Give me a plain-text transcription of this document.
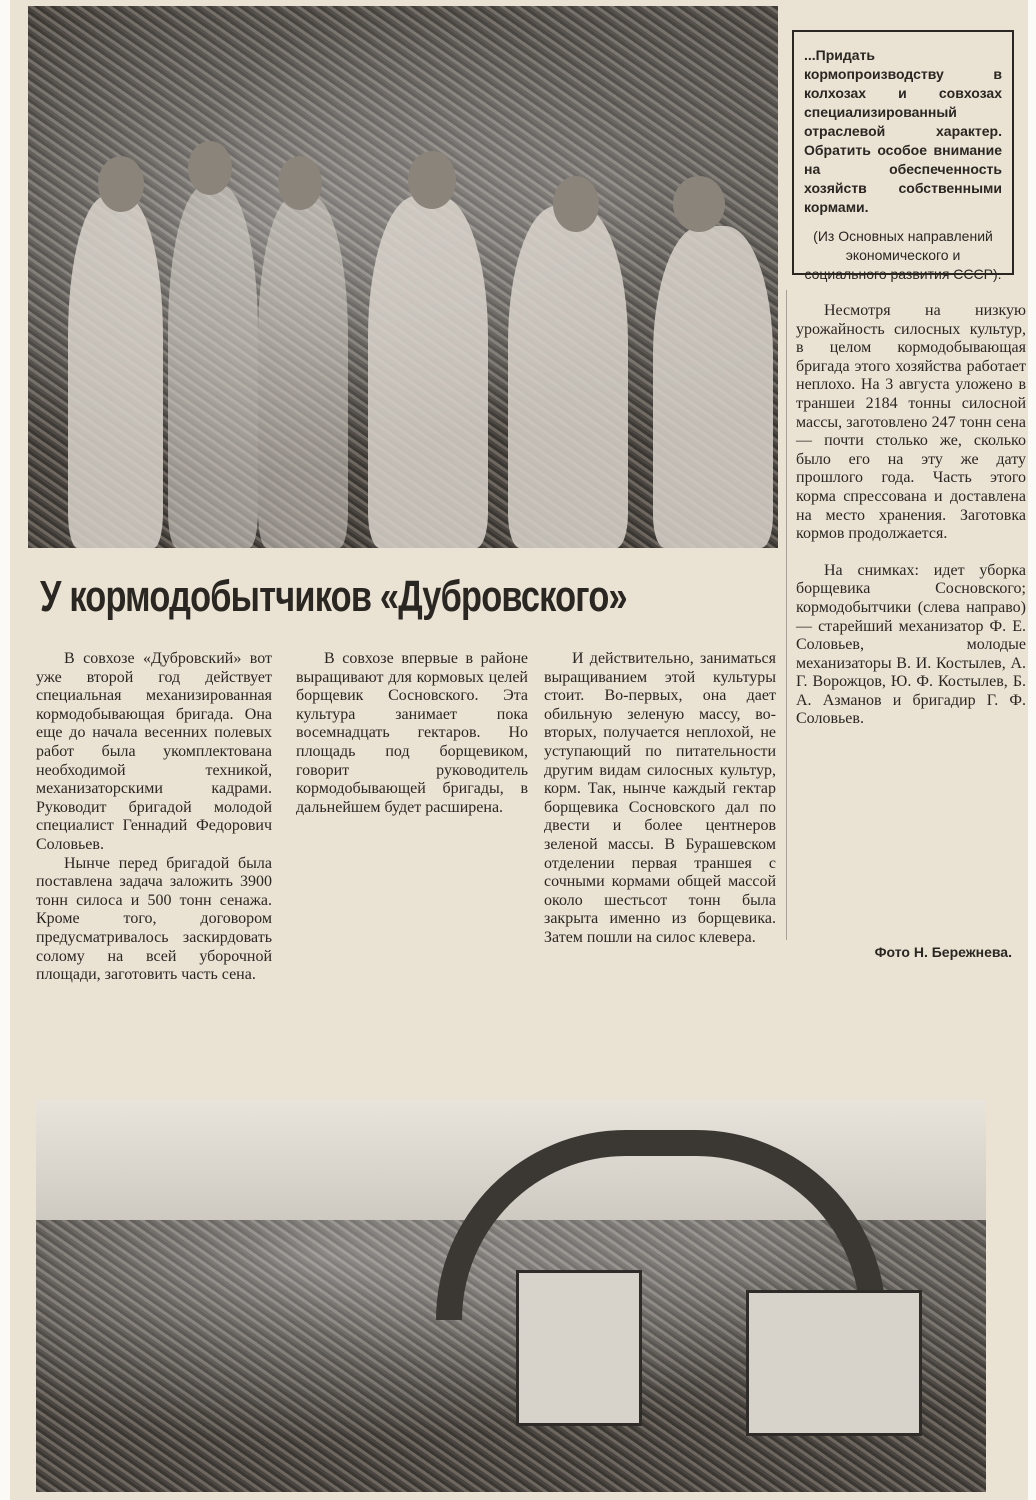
...Придать кормопроизводству в колхозах и совхозах специализированный отраслевой характер. Обратить особое внимание на обеспеченность хозяйств собственными кормами.

(Из Основных направлений экономического и социального развития СССР).

У кормодобытчиков «Дубровского»

В совхозе «Дубровский» вот уже второй год действует специальная механизированная кормодобывающая бригада. Она еще до начала весенних полевых работ была укомплектована необходимой техникой, механизаторскими кадрами. Руководит бригадой молодой специалист Геннадий Федорович Соловьев.

Нынче перед бригадой была поставлена задача заложить 3900 тонн силоса и 500 тонн сенажа. Кроме того, договором предусматривалось заскирдовать солому на всей уборочной площади, заготовить часть сена.

В совхозе впервые в районе выращивают для кормовых целей борщевик Сосновского. Эта культура занимает пока восемнадцать гектаров. Но площадь под борщевиком, говорит руководитель кормодобывающей бригады, в дальнейшем будет расширена.

И действительно, заниматься выращиванием этой культуры стоит. Во-первых, она дает обильную зеленую массу, во-вторых, получается неплохой, не уступающий по питательности другим видам силосных культур, корм. Так, нынче каждый гектар борщевика Сосновского дал по двести и более центнеров зеленой массы. В Бурашевском отделении первая траншея с сочными кормами общей массой около шестьсот тонн была закрыта именно из борщевика. Затем пошли на силос клевера.

Несмотря на низкую урожайность силосных культур, в целом кормодобывающая бригада этого хозяйства работает неплохо. На 3 августа уложено в траншеи 2184 тонны силосной массы, заготовлено 247 тонн сена — почти столько же, сколько было его на эту же дату прошлого года. Часть этого корма спрессована и доставлена на место хранения. Заготовка кормов продолжается.

На снимках: идет уборка борщевика Сосновского; кормодобытчики (слева направо) — старейший механизатор Ф. Е. Соловьев, молодые механизаторы В. И. Костылев, А. Г. Ворожцов, Ю. Ф. Костылев, Б. А. Азманов и бригадир Г. Ф. Соловьев.

Фото Н. Бережнева.
